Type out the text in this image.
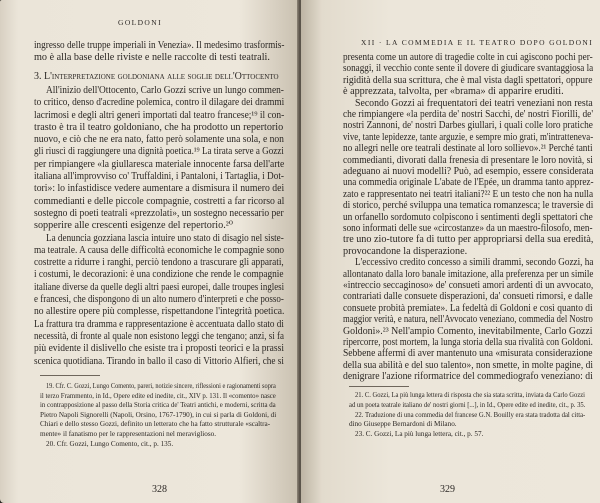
GOLDONI
ingresso delle truppe imperiali in Venezia». Il medesimo trasformis-
mo è alla base delle riviste e nelle raccolte di testi teatrali.
3. L'interpretazione goldoniana alle soglie dell'Ottocento
All'inizio dell'Ottocento, Carlo Gozzi scrive un lungo commen-
to critico, denso d'acredine polemica, contro il dilagare dei drammi
lacrimosi e degli altri generi importati dal teatro francese;¹⁹ il con-
trasto è tra il teatro goldoniano, che ha prodotto un repertorio
nuovo, e ciò che ne era nato, fatto però solamente una sola, e non
gli riuscì di raggiungere una dignità poetica.¹⁹ La tirata serve a Gozzi
per rimpiangere «la giullaresca materiale innocente farsa dell'arte
italiana all'improvviso co' Truffaldini, i Pantaloni, i Tartaglia, i Dot-
tori»: lo infastidisce vedere aumentare a dismisura il numero dei
commedianti e delle piccole compagnie, costretti a far ricorso al
sostegno di poeti teatrali «prezzolati», un sostegno necessario per
sopperire alle crescenti esigenze del repertorio.²⁰
La denuncia gozziana lascia intuire uno stato di disagio nel siste-
ma teatrale. A causa delle difficoltà economiche le compagnie sono
costrette a ridurre i ranghi, perciò tendono a trascurare gli apparati,
i costumi, le decorazioni: è una condizione che rende le compagnie
italiane diverse da quelle degli altri paesi europei, dalle troupes inglesi
e francesi, che dispongono di un alto numero d'interpreti e che posso-
no allestire opere più complesse, rispettandone l'integrità poetica.
La frattura tra dramma e rappresentazione è accentuata dallo stato di
necessità, di fronte al quale non esistono leggi che tengano; anzi, si fa
più evidente il dislivello che esiste tra i proposti teorici e la prassi
scenica quotidiana. Tirando in ballo il caso di Vittorio Alfieri, che si
19. Cfr. C. Gozzi, Lungo Comento, pareri, notizie sincere, riflessioni e ragionamenti sopra
il terzo Frammento, in Id., Opere edite ed inedite, cit., XIV p. 131. Il «comento» nasce
in contrapposizione al passo della Storia critica de' Teatri antichi, e moderni, scritta da
Pietro Napoli Signorelli (Napoli, Orsino, 1767-1790), in cui si parla di Goldoni, di
Chiari e dello stesso Gozzi, definito un letterato che ha fatto strutturale «scaltra-
mente» il fanatismo per le rappresentazioni nel meraviglioso.
20. Cfr. Gozzi, Lungo Comento, cit., p. 135.
328
XII · LA COMMEDIA E IL TEATRO DOPO GOLDONI
presenta come un autore di tragedie colte in cui agiscono pochi per-
sonaggi, il vecchio conte sente il dovere di giudicare svantaggiosa la
rigidità della sua scrittura, che è mal vista dagli spettatori, oppure
è apprezzata, talvolta, per «brama» di apparire eruditi.
Secondo Gozzi ai frequentatori dei teatri veneziani non resta
che rimpiangere «la perdita de' nostri Sacchi, de' nostri Fiorilli, de'
nostri Zannoni, de' nostri Darbes giullari, i quali colle loro pratiche
vive, tante lepidezze, tante arguzie, e sempre mio grati, m'intratteneva-
no allegri nelle ore teatrali destinate al loro sollievo».²¹ Perché tanti
commedianti, divorati dalla frenesia di presentare le loro novità, si
adeguano ai nuovi modelli? Può, ad esempio, essere considerata
una commedia originale L'abate de l'Epée, un dramma tanto apprez-
zato e rappresentato nei teatri italiani?²² E un testo che non ha nulla
di storico, perché sviluppa una tematica romanzesca; le traversie di
un orfanello sordomuto colpiscono i sentimenti degli spettatori che
sono informati delle sue «circostanze» da un maestro-filosofo, men-
tre uno zio-tutore fa di tutto per appropriarsi della sua eredità,
provocandone la disperazione.
L'eccessivo credito concesso a simili drammi, secondo Gozzi, ha
allontanato dalla loro banale imitazione, alla preferenza per un simile
«intreccio seccaginoso» de' consueti amori ardenti di un avvocato,
contrariati dalle consuete disperazioni, da' consueti rimorsi, e dalle
consuete probità premiate». La fedeltà di Goldoni e così quanto di
maggior verità, e natura, nell'Avvocato veneziano, commedia del Nostro
Goldoni».²³ Nell'ampio Comento, inevitabilmente, Carlo Gozzi
ripercorre, post mortem, la lunga storia della sua rivalità con Goldoni.
Sebbene affermi di aver mantenuto una «misurata considerazione
della sua abilità e del suo talento», non smette, in molte pagine, di
denigrare l'azione riformatrice del commediografo veneziano: di
21. C. Gozzi, La più lunga lettera di risposta che sia stata scritta, inviata da Carlo Gozzi
ad un poeta teatrale italiano de' nostri giorni [...], in Id., Opere edite ed inedite, cit., p. 35.
22. Traduzione di una commedia del francese G.N. Bouilly era stata tradotta dal citta-
dino Giuseppe Bernardoni di Milano.
23. C. Gozzi, La più lunga lettera, cit., p. 57.
329
